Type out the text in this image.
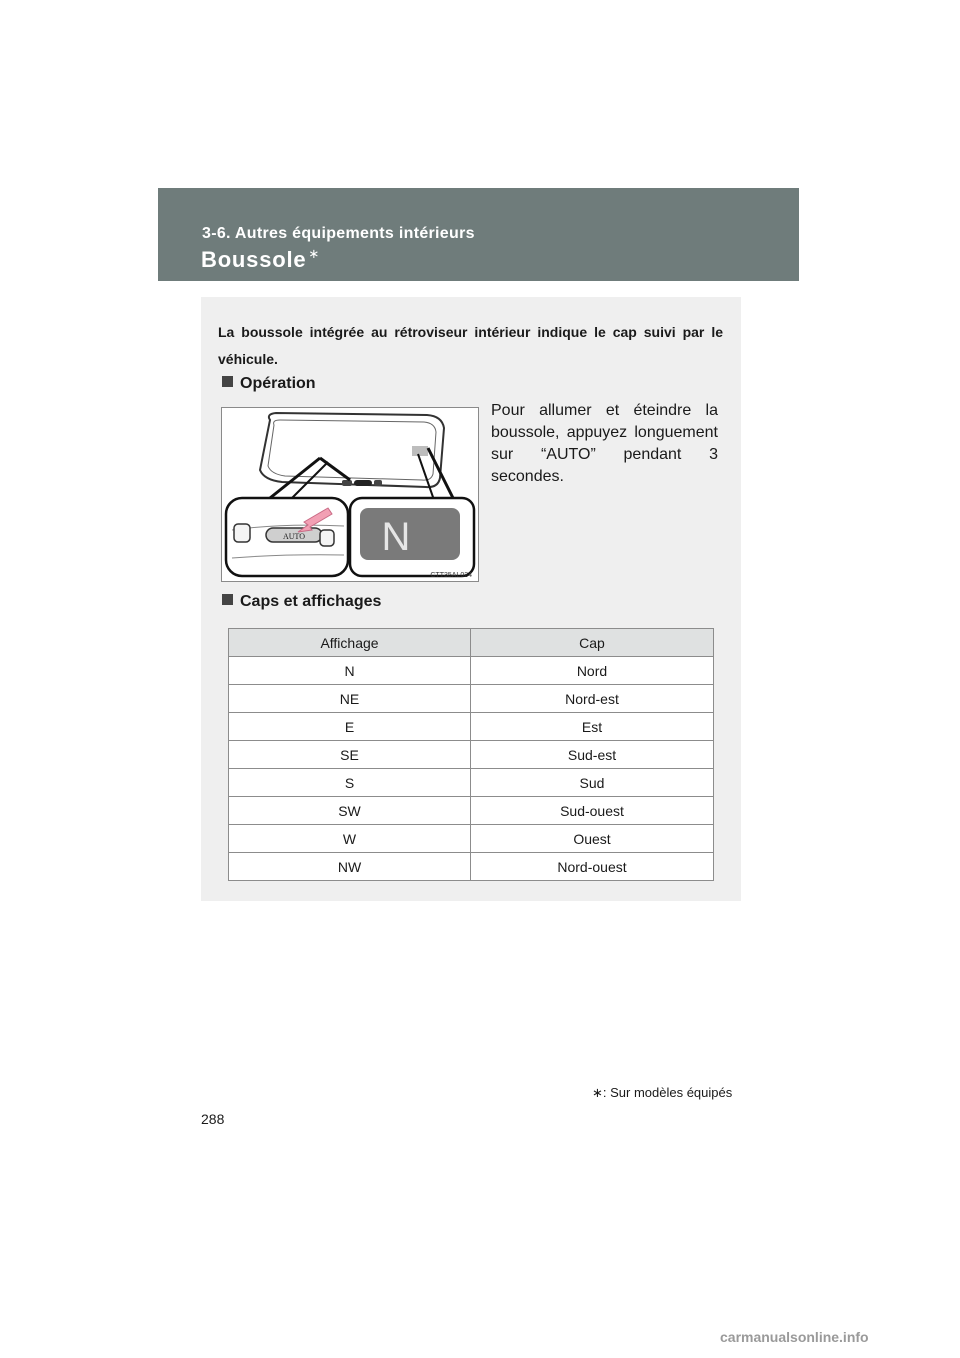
3-6. Autres équipements intérieurs
Boussole ∗
La boussole intégrée au rétroviseur intérieur indique le cap suivi par le véhicule.
Opération
AUTO N
CTT35AL024
Pour allumer et éteindre la boussole, appuyez longuement sur “AUTO” pendant 3 secondes.
Caps et affichages
Affichage	Cap
N	Nord
NE	Nord-est
E	Est
SE	Sud-est
S	Sud
SW	Sud-ouest
W	Ouest
NW	Nord-ouest
∗: Sur modèles équipés
288
carmanualsonline.info
